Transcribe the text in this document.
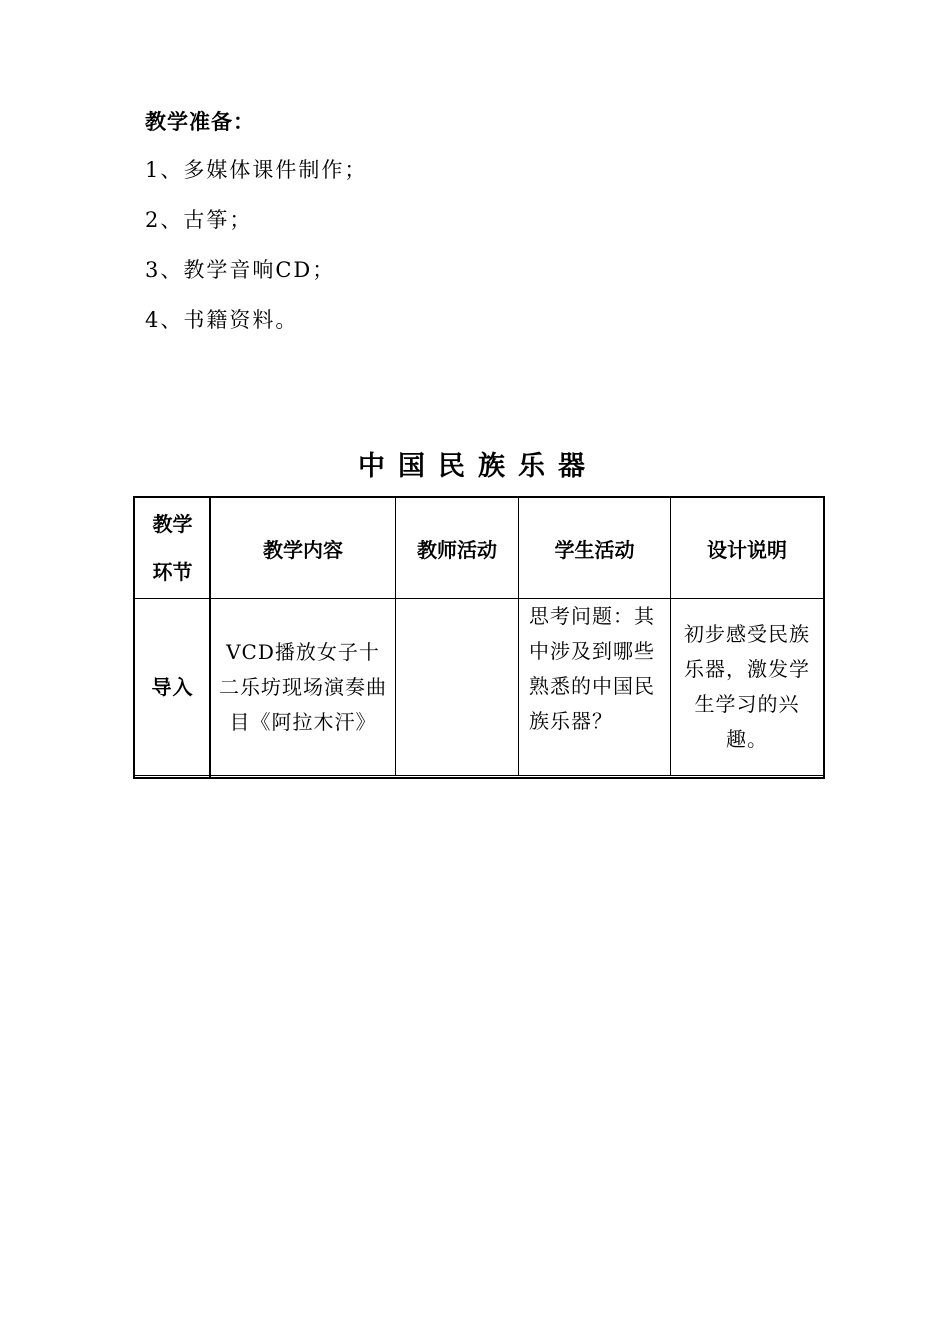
教学准备：
1、多媒体课件制作；
2、古筝；
3、教学音响CD；
4、书籍资料。
中国民族乐器
教学
环节	教学内容	教师活动	学生活动	设计说明
导入	VCD播放女子十二乐坊现场演奏曲目《阿拉木汗》		思考问题：其中涉及到哪些熟悉的中国民族乐器？	初步感受民族乐器，激发学生学习的兴趣。
